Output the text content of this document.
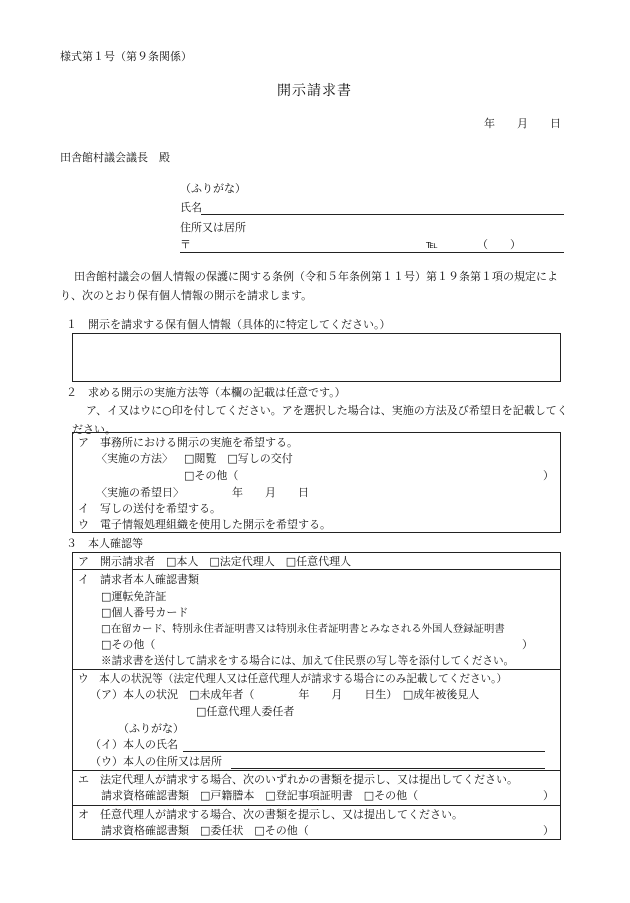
様式第１号（第９条関係）
開示請求書
年　　月　　日
田舎館村議会議長　殿
（ふりがな）
氏名
住所又は居所
〒	℡	（　　）
田舎館村議会の個人情報の保護に関する条例（令和５年条例第１１号）第１９条第１項の規定により、次のとおり保有個人情報の開示を請求します。
１　開示を請求する保有個人情報（具体的に特定してください。）
２　求める開示の実施方法等（本欄の記載は任意です。）
ア、イ又はウに○印を付してください。アを選択した場合は、実施の方法及び希望日を記載してください。
ア　事務所における開示の実施を希望する。
〈実施の方法〉 □閲覧　□写しの交付
□その他（	）
〈実施の希望日〉	年　　月　　日
イ　写しの送付を希望する。
ウ　電子情報処理組織を使用した開示を希望する。
３　本人確認等
ア　開示請求者　□本人　□法定代理人　□任意代理人
イ　請求者本人確認書類
□運転免許証
□個人番号カード
□在留カード、特別永住者証明書又は特別永住者証明書とみなされる外国人登録証明書
□その他（	）
※請求書を送付して請求をする場合には、加えて住民票の写し等を添付してください。
ウ　本人の状況等（法定代理人又は任意代理人が請求する場合にのみ記載してください。）
（ア）本人の状況　□未成年者（　　　　年　　月　　日生）　□成年被後見人
□任意代理人委任者
（ふりがな）
（イ）本人の氏名
（ウ）本人の住所又は居所
エ　法定代理人が請求する場合、次のいずれかの書類を提示し、又は提出してください。
請求資格確認書類　□戸籍謄本　□登記事項証明書　□その他（	）
オ　任意代理人が請求する場合、次の書類を提示し、又は提出してください。
請求資格確認書類　□委任状　□その他（	）
